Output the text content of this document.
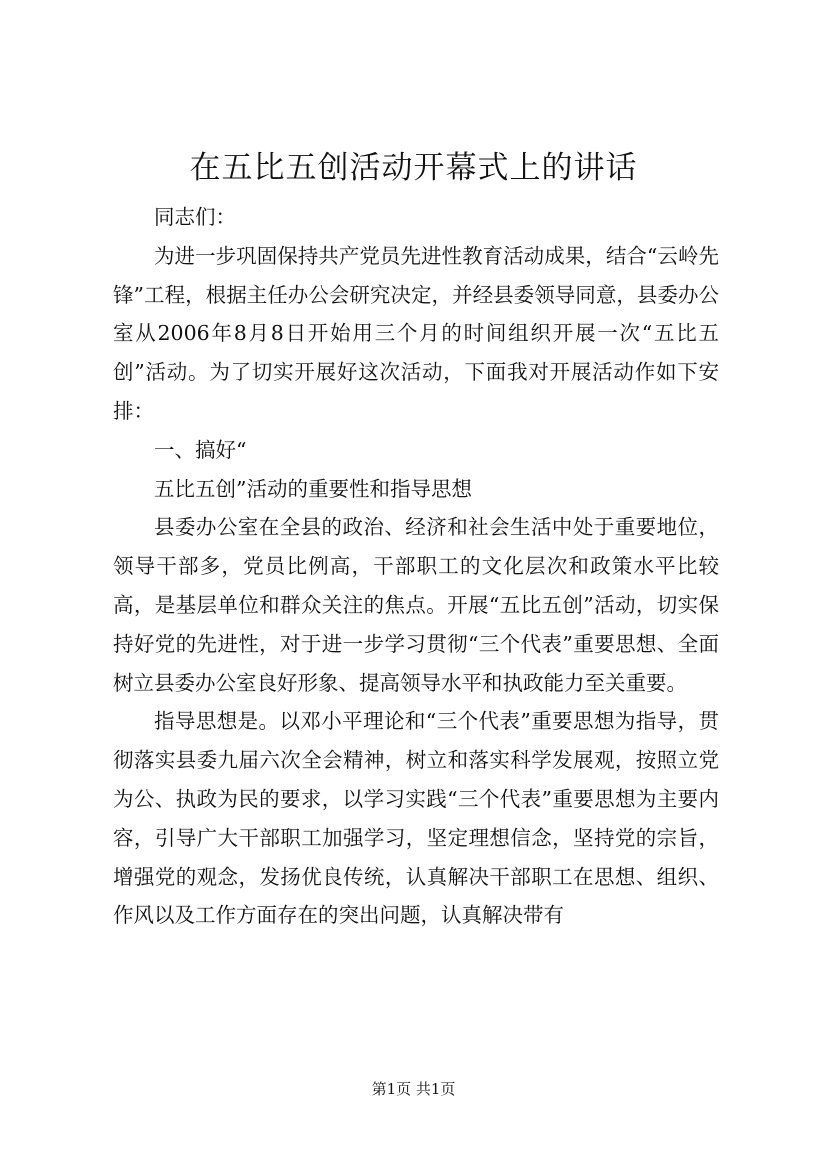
在五比五创活动开幕式上的讲话

同志们：

为进一步巩固保持共产党员先进性教育活动成果，结合“云岭先锋”工程，根据主任办公会研究决定，并经县委领导同意，县委办公室从2006年8月8日开始用三个月的时间组织开展一次“五比五创”活动。为了切实开展好这次活动，下面我对开展活动作如下安排：

一、搞好“

五比五创”活动的重要性和指导思想

县委办公室在全县的政治、经济和社会生活中处于重要地位，领导干部多，党员比例高，干部职工的文化层次和政策水平比较高，是基层单位和群众关注的焦点。开展“五比五创”活动，切实保持好党的先进性，对于进一步学习贯彻“三个代表”重要思想、全面树立县委办公室良好形象、提高领导水平和执政能力至关重要。

指导思想是。以邓小平理论和“三个代表”重要思想为指导，贯彻落实县委九届六次全会精神，树立和落实科学发展观，按照立党为公、执政为民的要求，以学习实践“三个代表”重要思想为主要内容，引导广大干部职工加强学习，坚定理想信念，坚持党的宗旨，增强党的观念，发扬优良传统，认真解决干部职工在思想、组织、作风以及工作方面存在的突出问题，认真解决带有

第1页 共1页
